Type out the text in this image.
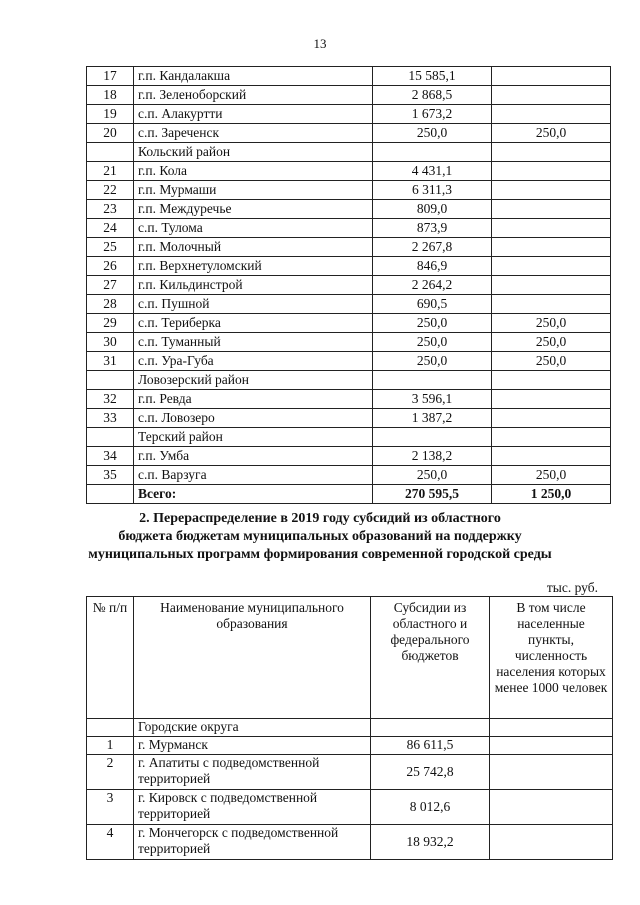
13
17	г.п. Кандалакша	15 585,1	
18	г.п. Зеленоборский	2 868,5	
19	с.п. Алакуртти	1 673,2	
20	с.п. Зареченск	250,0	250,0
	Кольский район		
21	г.п. Кола	4 431,1	
22	г.п. Мурмаши	6 311,3	
23	г.п. Междуречье	809,0	
24	с.п. Тулома	873,9	
25	г.п. Молочный	2 267,8	
26	г.п. Верхнетуломский	846,9	
27	г.п. Кильдинстрой	2 264,2	
28	с.п. Пушной	690,5	
29	с.п. Териберка	250,0	250,0
30	с.п. Туманный	250,0	250,0
31	с.п. Ура-Губа	250,0	250,0
	Ловозерский район		
32	г.п. Ревда	3 596,1	
33	с.п. Ловозеро	1 387,2	
	Терский район		
34	г.п. Умба	2 138,2	
35	с.п. Варзуга	250,0	250,0
	Всего:	270 595,5	1 250,0
2. Перераспределение в 2019 году субсидий из областного
бюджета бюджетам муниципальных образований на поддержку
муниципальных программ формирования современной городской среды
тыс. руб.
№ п/п	Наименование муниципального образования	Субсидии из областного и федерального бюджетов	В том числе населенные пункты, численность населения которых менее 1000 человек
	Городские округа		
1	г. Мурманск	86 611,5	
2	г. Апатиты с подведомственной территорией	25 742,8	
3	г. Кировск с подведомственной территорией	8 012,6	
4	г. Мончегорск с подведомственной территорией	18 932,2	
